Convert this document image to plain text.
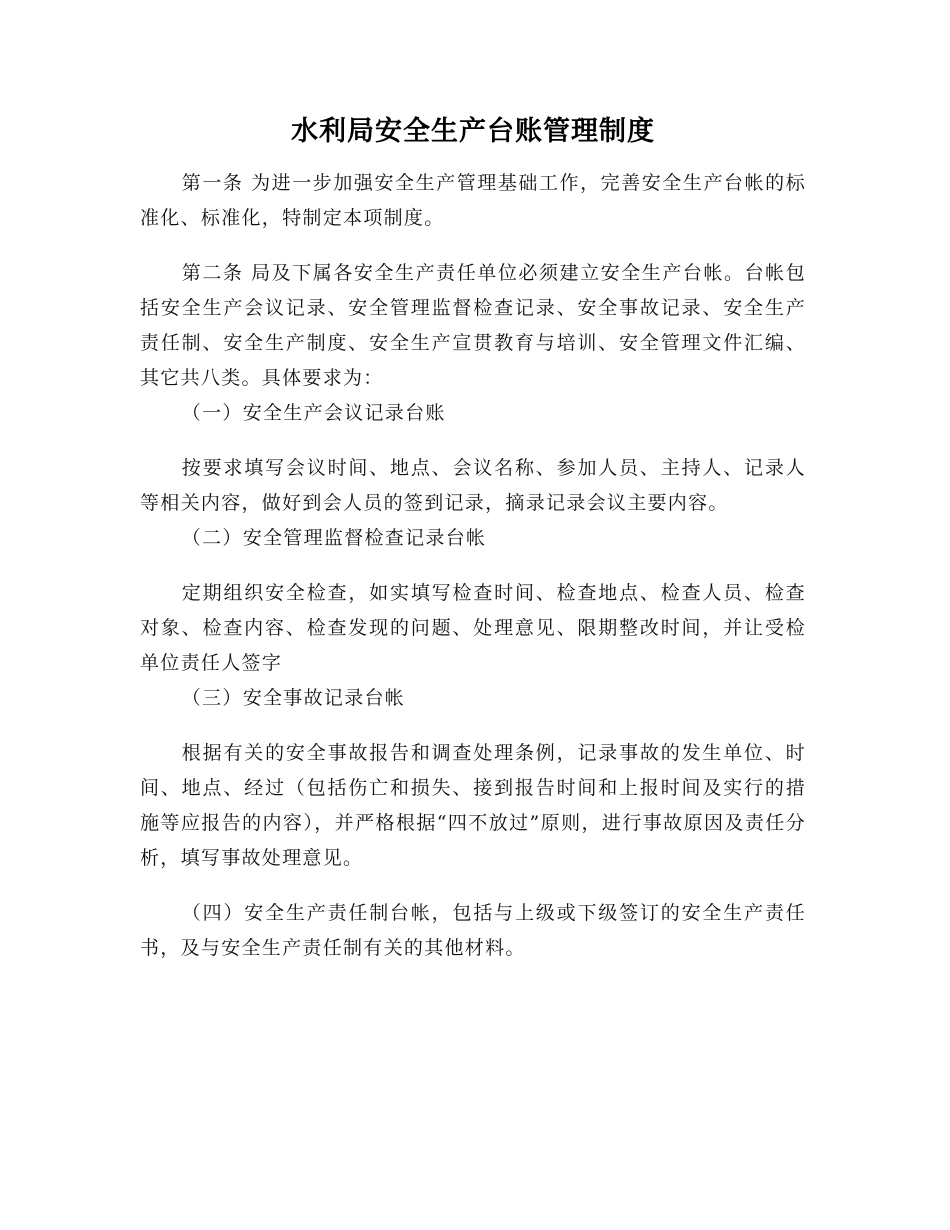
水利局安全生产台账管理制度

第一条 为进一步加强安全生产管理基础工作，完善安全生产台帐的标准化、标准化，特制定本项制度。

第二条 局及下属各安全生产责任单位必须建立安全生产台帐。台帐包括安全生产会议记录、安全管理监督检查记录、安全事故记录、安全生产责任制、安全生产制度、安全生产宣贯教育与培训、安全管理文件汇编、其它共八类。具体要求为：

（一）安全生产会议记录台账

按要求填写会议时间、地点、会议名称、参加人员、主持人、记录人等相关内容，做好到会人员的签到记录，摘录记录会议主要内容。

（二）安全管理监督检查记录台帐

定期组织安全检查，如实填写检查时间、检查地点、检查人员、检查对象、检查内容、检查发现的问题、处理意见、限期整改时间，并让受检单位责任人签字

（三）安全事故记录台帐

根据有关的安全事故报告和调查处理条例，记录事故的发生单位、时间、地点、经过（包括伤亡和损失、接到报告时间和上报时间及实行的措施等应报告的内容），并严格根据“四不放过”原则，进行事故原因及责任分析，填写事故处理意见。

（四）安全生产责任制台帐，包括与上级或下级签订的安全生产责任书，及与安全生产责任制有关的其他材料。
